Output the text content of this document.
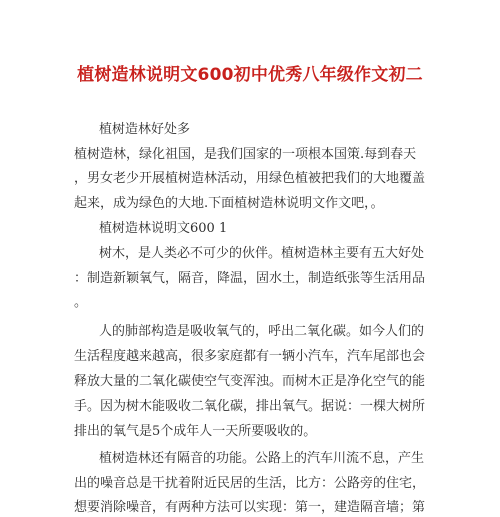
植树造林说明文600初中优秀八年级作文初二
植树造林好处多
植树造林，绿化祖国，是我们国家的一项根本国策.每到春天
，男女老少开展植树造林活动，用绿色植被把我们的大地覆盖
起来，成为绿色的大地.下面植树造林说明文作文吧，。
植树造林说明文600 1
树木，是人类必不可少的伙伴。植树造林主要有五大好处
：制造新颖氧气，隔音，降温，固水土，制造纸张等生活用品
。
人的肺部构造是吸收氧气的，呼出二氧化碳。如今人们的
生活程度越来越高，很多家庭都有一辆小汽车，汽车尾部也会
释放大量的二氧化碳使空气变浑浊。而树木正是净化空气的能
手。因为树木能吸收二氧化碳，排出氧气。据说：一棵大树所
排出的氧气是5个成年人一天所要吸收的。
植树造林还有隔音的功能。公路上的汽车川流不息，产生
出的噪音总是干扰着附近民居的生活，比方：公路旁的住宅，
想要消除噪音，有两种方法可以实现：第一，建造隔音墙；第
